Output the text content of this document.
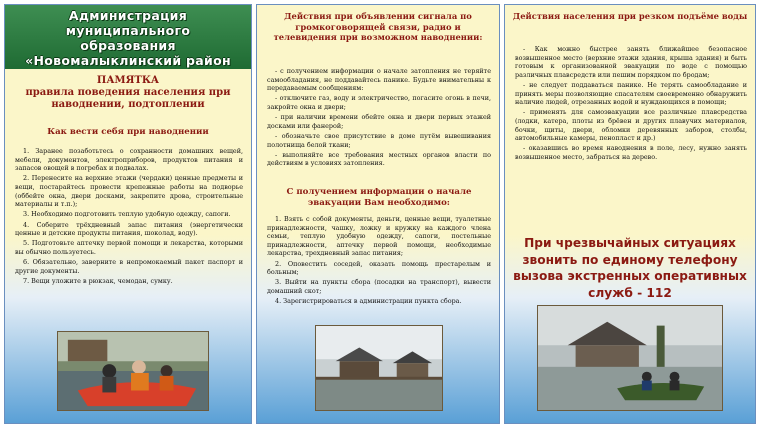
Администрация
муниципального
образования
«Новомалыклинский район
ПАМЯТКА
правила поведения населения при наводнении, подтоплении
Как вести себя при наводнении

1. Заранее позаботьтесь о сохранности домашних вещей, мебели, документов, электроприборов, продуктов питания и запасов овощей в погребах и подвалах.

2. Перенесите на верхние этажи (чердаки) ценные предметы и вещи, постарайтесь провести крепежные работы на подворье (оббейте окна, двери досками, закрепите дрова, строительные материалы и т.п.);

3. Необходимо подготовить теплую удобную одежду, сапоги.

4. Соберите трёхдневный запас питания (энергетически ценные и детские продукты питания, шоколад, воду).

5. Подготовьте аптечку первой помощи и лекарства, которыми вы обычно пользуетесь.

6. Обязательно, заверните в непромокаемый пакет паспорт и другие документы.

7. Вещи уложите в рюкзак, чемодан, сумку.

Действия при объявлении сигнала по громкоговорящей связи, радио и телевидения при возможном наводнении:

- с получением информации о начале затопления не теряйте самообладания, не поддавайтесь панике. Будьте внимательны к передаваемым сообщениям:

- отключите газ, воду и электричество, погасите огонь в печи, закройте окна и двери;

- при наличии времени обейте окна и двери первых этажей досками или фанерой;

- обозначьте свое присутствие в доме путём вывешивания полотнища белой ткани;

- выполняйте все требования местных органов власти по действиям в условиях затопления.

С получением информации о начале эвакуации Вам необходимо:

1. Взять с собой документы, деньги, ценные вещи, туалетные принадлежности, чашку, ложку и кружку на каждого члена семьи, теплую удобную одежду, сапоги, постельные принадлежности, аптечку первой помощи, необходимые лекарства, трехдневный запас питания;

2. Оповестить соседей, оказать помощь престарелым и больным;

3. Выйти на пункты сбора (посадки на транспорт), вывести домашний скот;

4. Зарегистрироваться в администрации пункта сбора.

Действия населения при резком подъёме воды

- Как можно быстрее занять ближайшее безопасное возвышенное место (верхние этажи здания, крыша здания) и быть готовым к организованной эвакуации по воде с помощью различных плавсредств или пешим порядком по бродам;

- не следует поддаваться панике. Не терять самообладание и принять меры позволяющие спасателям своевременно обнаружить наличие людей, отрезанных водой и нуждающихся в помощи;

- применять для самоэвакуации все различные плавсредства (лодки, катера, плоты из брёвен и других плавучих материалов, бочки, щиты, двери, обломки деревянных заборов, столбы, автомобильные камеры, пенопласт и др.)

- оказавшись во время наводнения в поле, лесу, нужно занять возвышенное место, забраться на дерево.

При чрезвычайных ситуациях звонить по единому телефону вызова экстренных оперативных служб - 112
